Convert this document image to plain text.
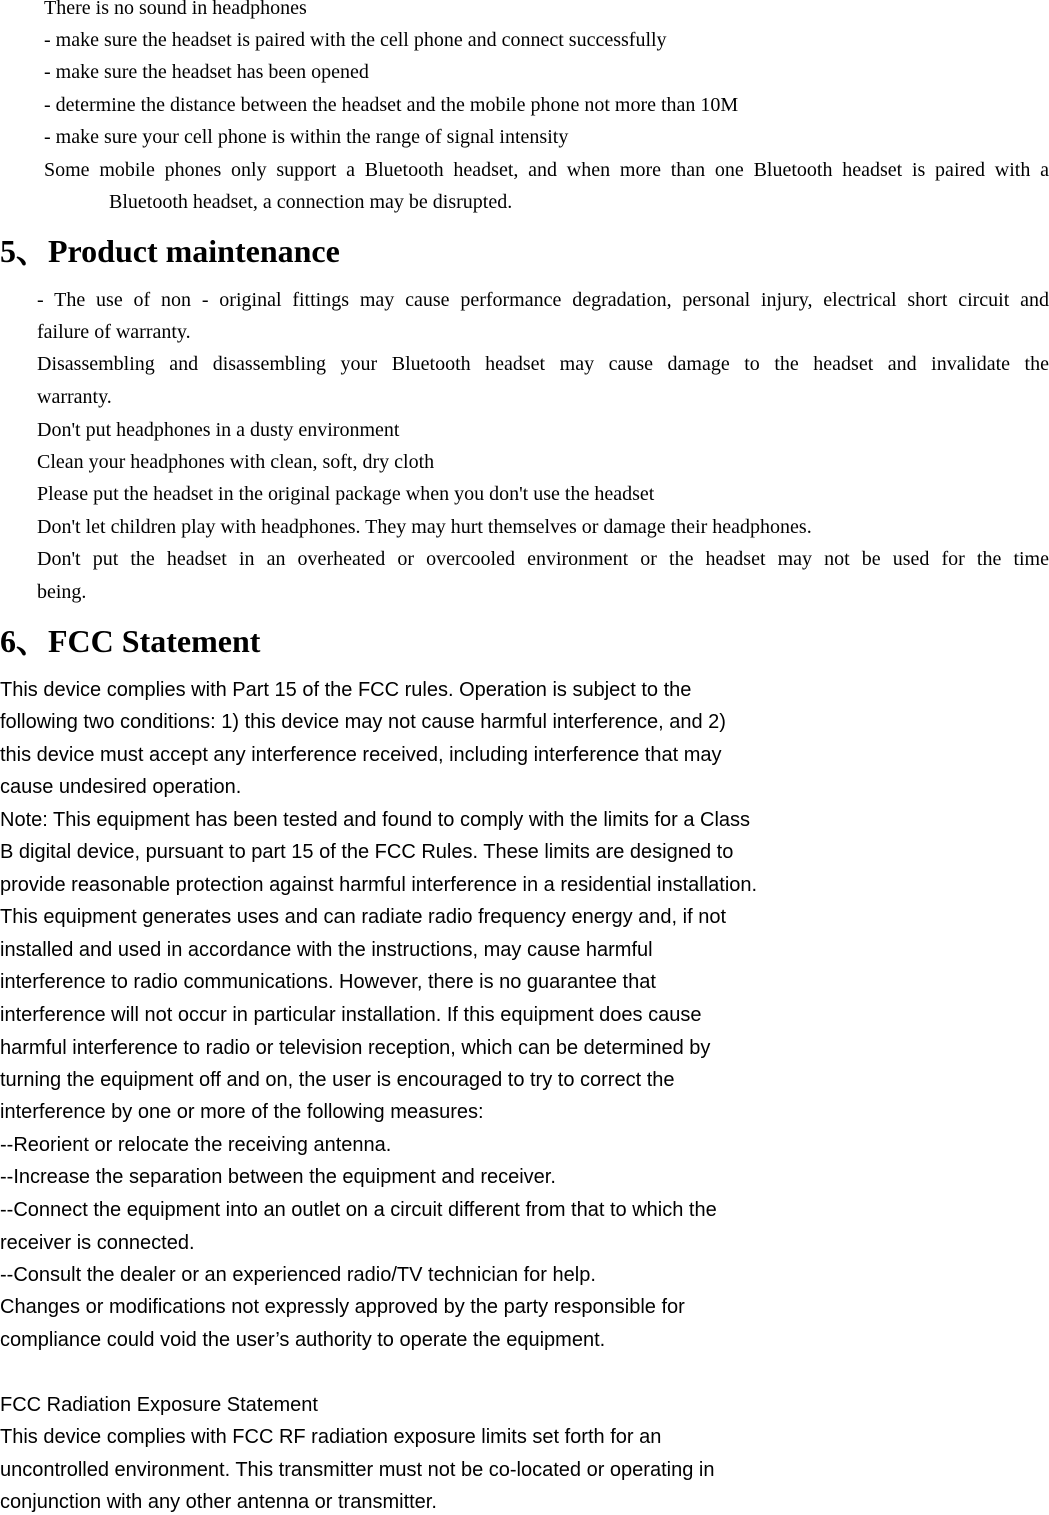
There is no sound in headphones
- make sure the headset is paired with the cell phone and connect successfully
- make sure the headset has been opened
- determine the distance between the headset and the mobile phone not more than 10M
- make sure your cell phone is within the range of signal intensity
Some mobile phones only support a Bluetooth headset, and when more than one Bluetooth headset is paired with a
Bluetooth headset, a connection may be disrupted.
5、Product maintenance
- The use of non - original fittings may cause performance degradation, personal injury, electrical short circuit and
failure of warranty.
Disassembling and disassembling your Bluetooth headset may cause damage to the headset and invalidate the
warranty.
Don't put headphones in a dusty environment
Clean your headphones with clean, soft, dry cloth
Please put the headset in the original package when you don't use the headset
Don't let children play with headphones. They may hurt themselves or damage their headphones.
Don't put the headset in an overheated or overcooled environment or the headset may not be used for the time
being.
6、FCC Statement
This device complies with Part 15 of the FCC rules. Operation is subject to the
following two conditions: 1) this device may not cause harmful interference, and 2)
this device must accept any interference received, including interference that may
cause undesired operation.
Note: This equipment has been tested and found to comply with the limits for a Class
B digital device, pursuant to part 15 of the FCC Rules. These limits are designed to
provide reasonable protection against harmful interference in a residential installation.
This equipment generates uses and can radiate radio frequency energy and, if not
installed and used in accordance with the instructions, may cause harmful
interference to radio communications. However, there is no guarantee that
interference will not occur in particular installation. If this equipment does cause
harmful interference to radio or television reception, which can be determined by
turning the equipment off and on, the user is encouraged to try to correct the
interference by one or more of the following measures:
--Reorient or relocate the receiving antenna.
--Increase the separation between the equipment and receiver.
--Connect the equipment into an outlet on a circuit different from that to which the
receiver is connected.
--Consult the dealer or an experienced radio/TV technician for help.
Changes or modifications not expressly approved by the party responsible for
compliance could void the user’s authority to operate the equipment.
FCC Radiation Exposure Statement
This device complies with FCC RF radiation exposure limits set forth for an
uncontrolled environment. This transmitter must not be co-located or operating in
conjunction with any other antenna or transmitter.
